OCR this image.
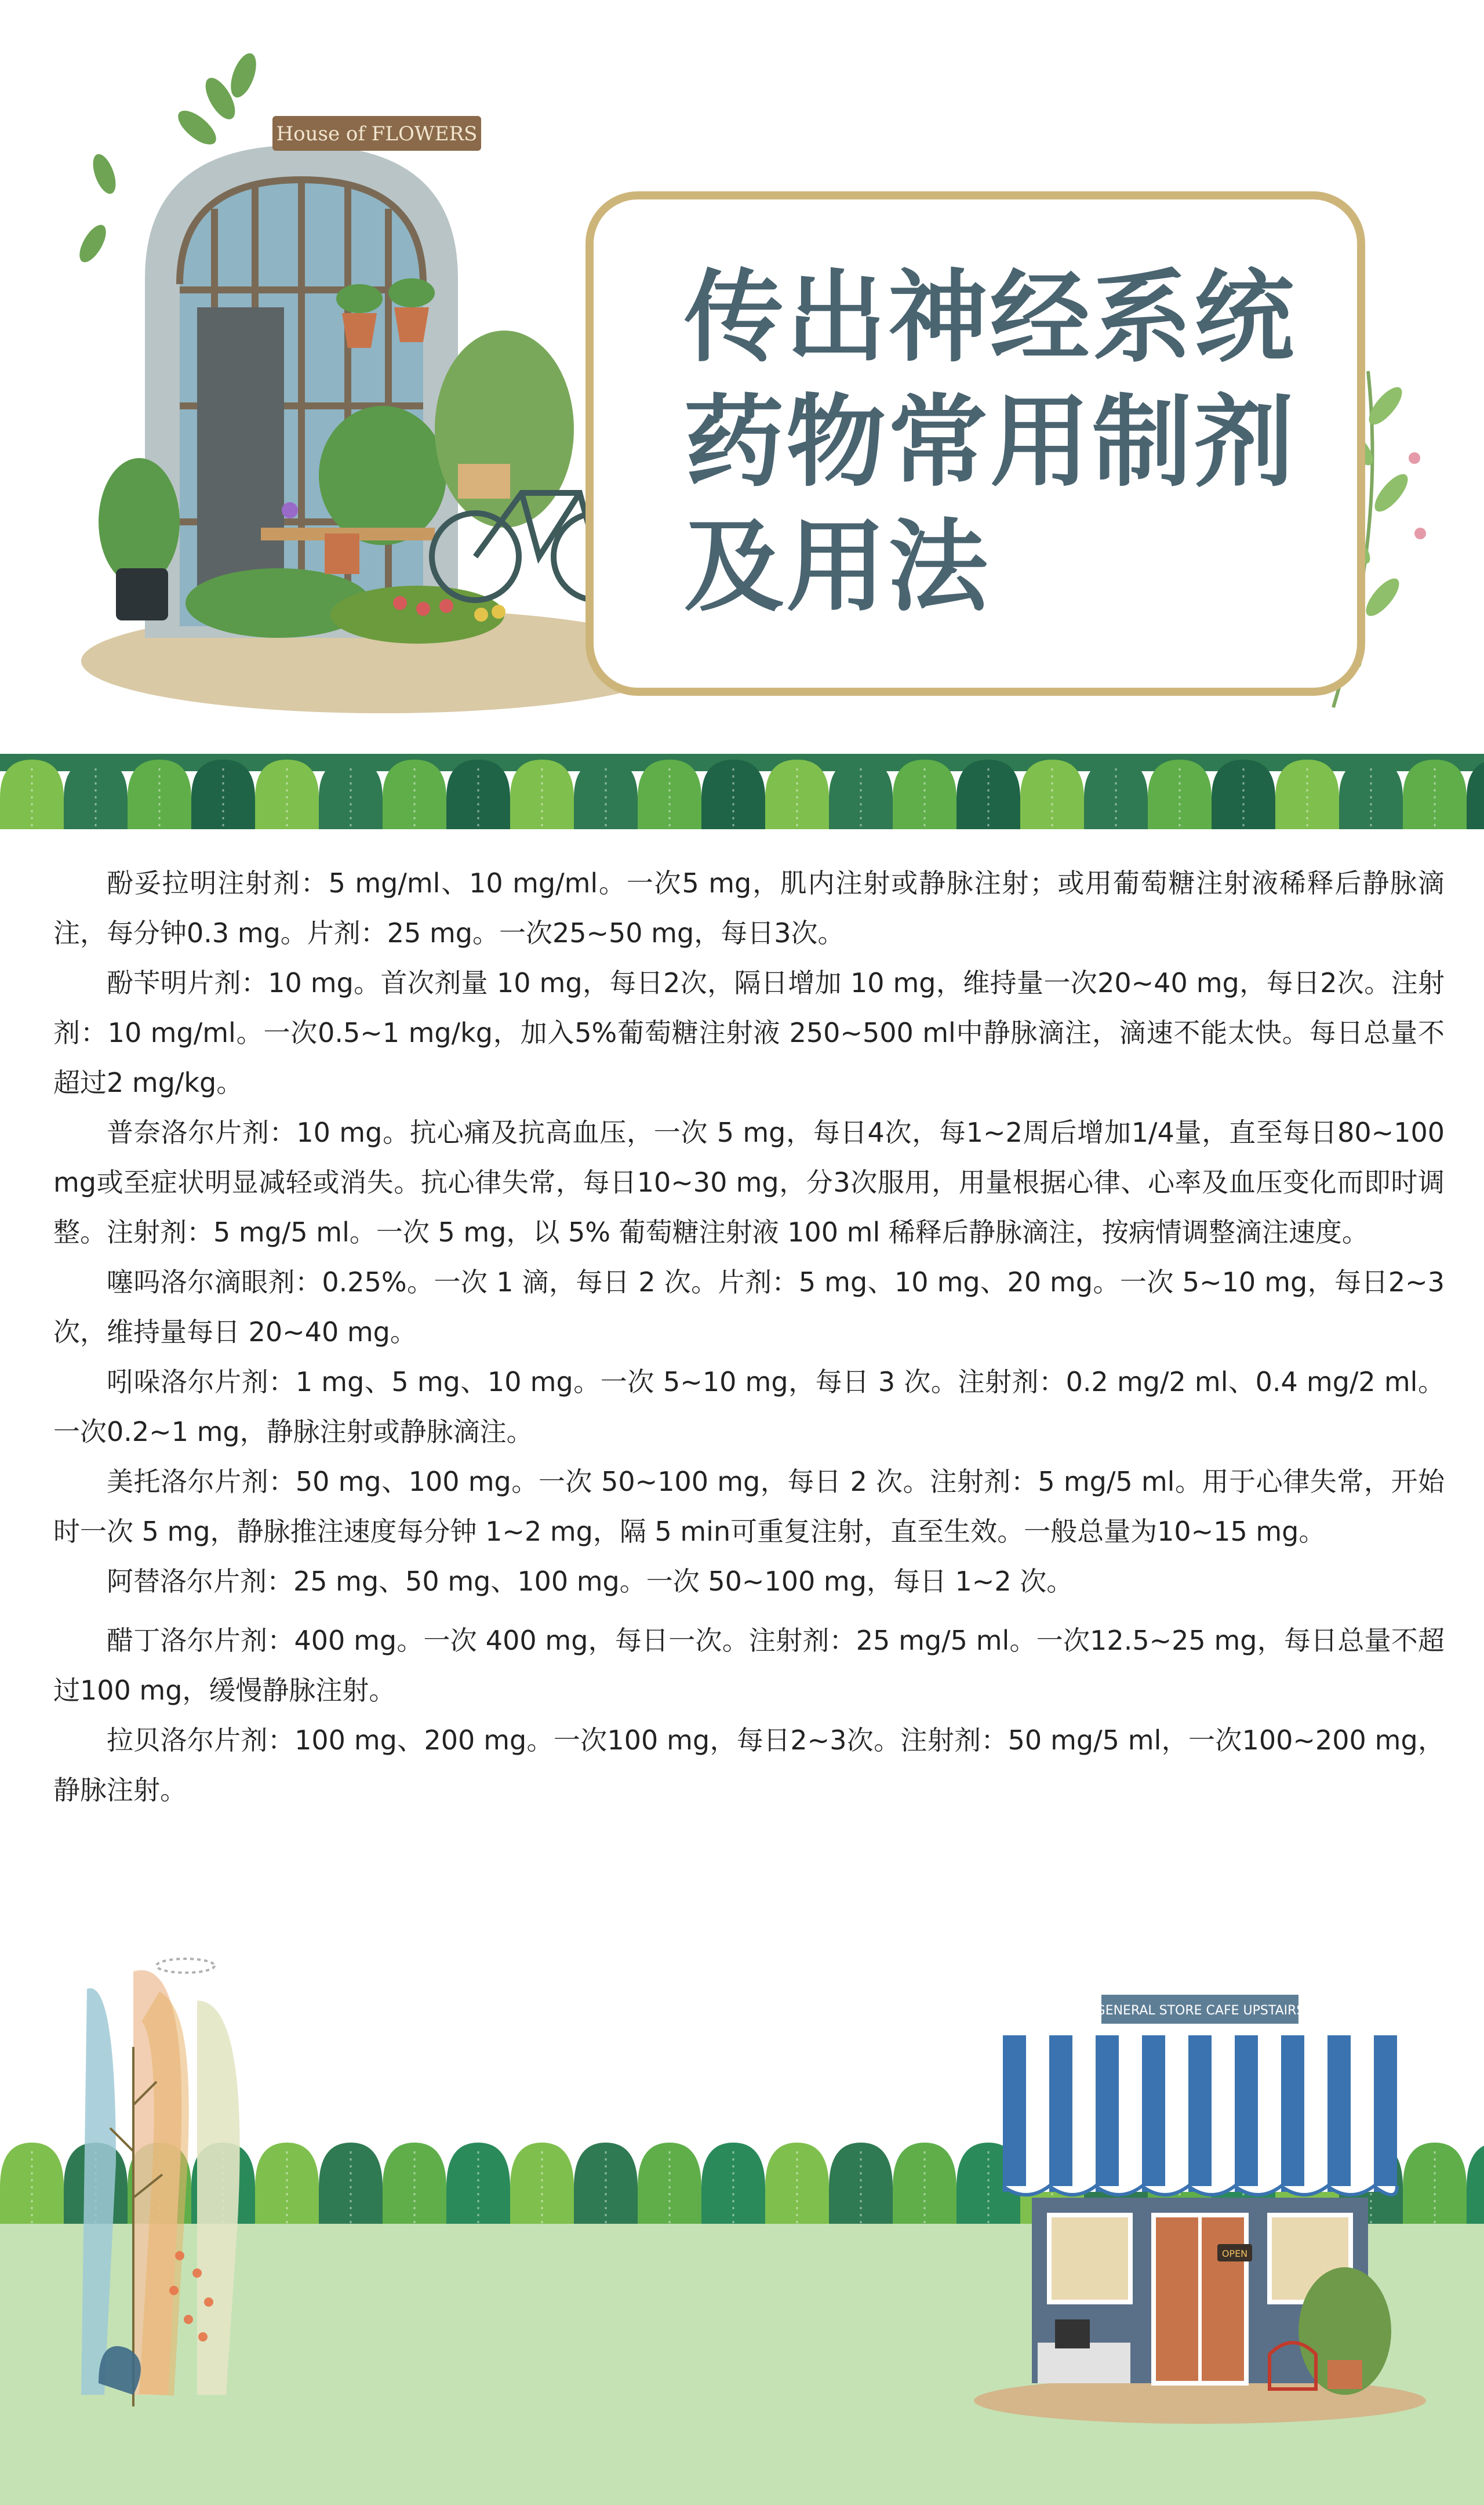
House of FLOWERS
传出神经系统
药物常用制剂
及用法

酚妥拉明注射剂：5 mg/ml、10 mg/ml。一次5 mg，肌内注射或静脉注射；或用葡萄糖注射液稀释后静脉滴注，每分钟0.3 mg。片剂：25 mg。一次25~50 mg，每日3次。

酚苄明片剂：10 mg。首次剂量 10 mg，每日2次，隔日增加 10 mg，维持量一次20~40 mg，每日2次。注射剂：10 mg/ml。一次0.5~1 mg/kg，加入5%葡萄糖注射液 250~500 ml中静脉滴注，滴速不能太快。每日总量不超过2 mg/kg。

普奈洛尔片剂：10 mg。抗心痛及抗高血压，一次 5 mg，每日4次，每1~2周后增加1/4量，直至每日80~100 mg或至症状明显减轻或消失。抗心律失常，每日10~30 mg，分3次服用，用量根据心律、心率及血压变化而即时调整。注射剂：5 mg/5 ml。一次 5 mg，以 5% 葡萄糖注射液 100 ml 稀释后静脉滴注，按病情调整滴注速度。

噻吗洛尔滴眼剂：0.25%。一次 1 滴，每日 2 次。片剂：5 mg、10 mg、20 mg。一次 5~10 mg，每日2~3次，维持量每日 20~40 mg。

吲哚洛尔片剂：1 mg、5 mg、10 mg。一次 5~10 mg，每日 3 次。注射剂：0.2 mg/2 ml、0.4 mg/2 ml。一次0.2~1 mg，静脉注射或静脉滴注。

美托洛尔片剂：50 mg、100 mg。一次 50~100 mg，每日 2 次。注射剂：5 mg/5 ml。用于心律失常，开始时一次 5 mg，静脉推注速度每分钟 1~2 mg，隔 5 min可重复注射，直至生效。一般总量为10~15 mg。

阿替洛尔片剂：25 mg、50 mg、100 mg。一次 50~100 mg，每日 1~2 次。

醋丁洛尔片剂：400 mg。一次 400 mg，每日一次。注射剂：25 mg/5 ml。一次12.5~25 mg，每日总量不超过100 mg，缓慢静脉注射。

拉贝洛尔片剂：100 mg、200 mg。一次100 mg，每日2~3次。注射剂：50 mg/5 ml，一次100~200 mg，静脉注射。

GENERAL STORE CAFE UPSTAIRS
OPEN
